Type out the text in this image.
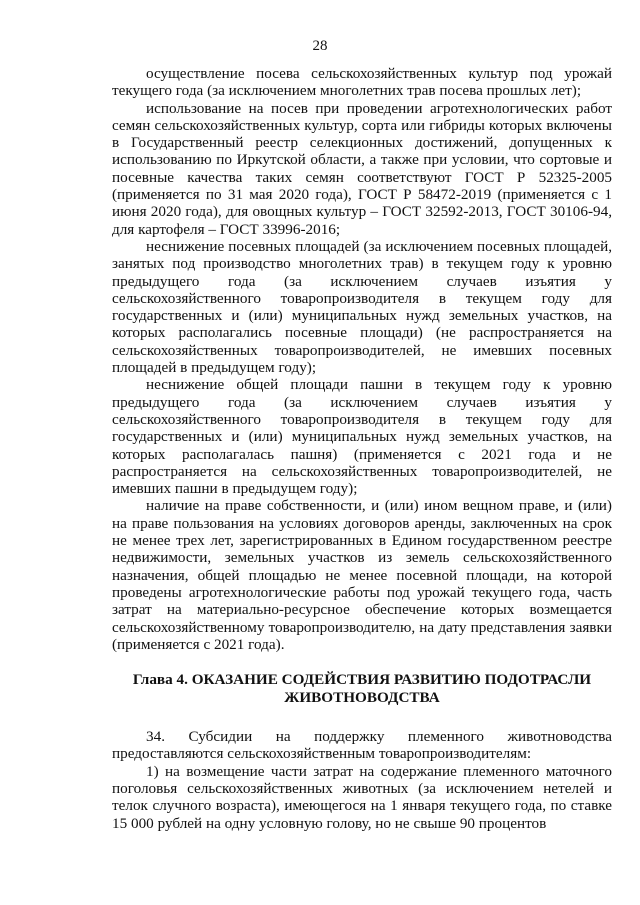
28

осуществление посева сельскохозяйственных культур под урожай текущего года (за исключением многолетних трав посева прошлых лет);

использование на посев при проведении агротехнологических работ семян сельскохозяйственных культур, сорта или гибриды которых включены в Государственный реестр селекционных достижений, допущенных к использованию по Иркутской области, а также при условии, что сортовые и посевные качества таких семян соответствуют ГОСТ Р 52325-2005 (применяется по 31 мая 2020 года), ГОСТ Р 58472-2019 (применяется с 1 июня 2020 года), для овощных культур – ГОСТ 32592-2013, ГОСТ 30106-94, для картофеля – ГОСТ 33996-2016;

неснижение посевных площадей (за исключением посевных площадей, занятых под производство многолетних трав) в текущем году к уровню предыдущего года (за исключением случаев изъятия у сельскохозяйственного товаропроизводителя в текущем году для государственных и (или) муниципальных нужд земельных участков, на которых располагались посевные площади) (не распространяется на сельскохозяйственных товаропроизводителей, не имевших посевных площадей в предыдущем году);

неснижение общей площади пашни в текущем году к уровню предыдущего года (за исключением случаев изъятия у сельскохозяйственного товаропроизводителя в текущем году для государственных и (или) муниципальных нужд земельных участков, на которых располагалась пашня) (применяется с 2021 года и не распространяется на сельскохозяйственных товаропроизводителей, не имевших пашни в предыдущем году);

наличие на праве собственности, и (или) ином вещном праве, и (или) на праве пользования на условиях договоров аренды, заключенных на срок не менее трех лет, зарегистрированных в Едином государственном реестре недвижимости, земельных участков из земель сельскохозяйственного назначения, общей площадью не менее посевной площади, на которой проведены агротехнологические работы под урожай текущего года, часть затрат на материально-ресурсное обеспечение которых возмещается сельскохозяйственному товаропроизводителю, на дату представления заявки (применяется с 2021 года).

Глава 4. ОКАЗАНИЕ СОДЕЙСТВИЯ РАЗВИТИЮ ПОДОТРАСЛИ
ЖИВОТНОВОДСТВА

34. Субсидии на поддержку племенного животноводства предоставляются сельскохозяйственным товаропроизводителям:

1) на возмещение части затрат на содержание племенного маточного поголовья сельскохозяйственных животных (за исключением нетелей и телок случного возраста), имеющегося на 1 января текущего года, по ставке 15 000 рублей на одну условную голову, но не свыше 90 процентов
